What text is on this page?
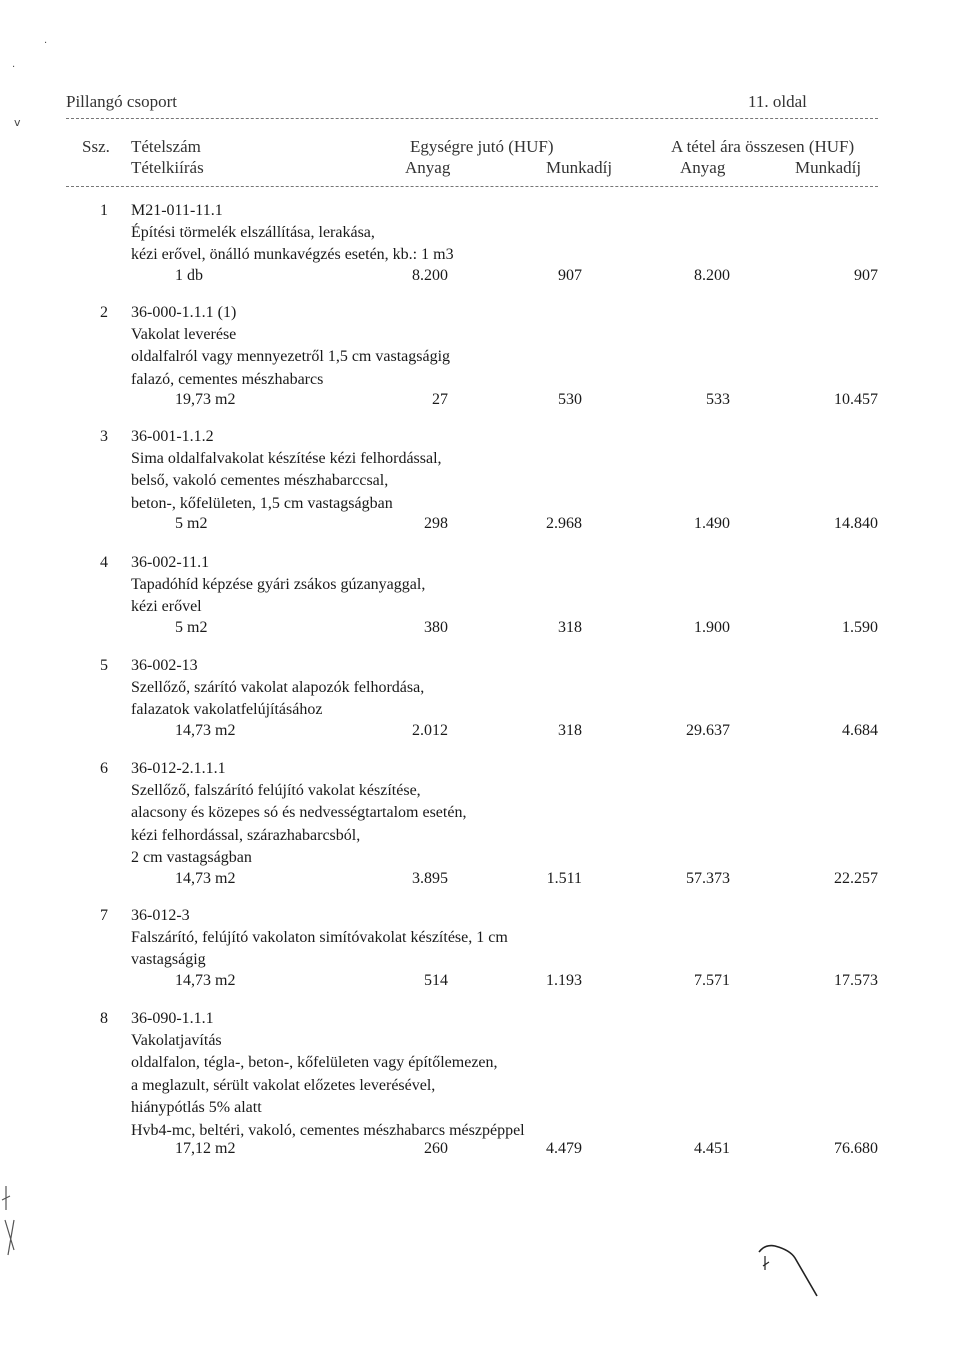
·
·
v
Pillangó csoport	11. oldal
Ssz. Tételszám
Tételkiírás
Egységre jutó (HUF)	A tétel ára összesen (HUF)
Anyag	Munkadíj	Anyag	Munkadíj
1 M21-011-11.1
Építési törmelék elszállítása, lerakása,
kézi erővel, önálló munkavégzés esetén, kb.: 1 m3
1 db	8.200	907	8.200	907
2 36-000-1.1.1 (1)
Vakolat leverése
oldalfalról vagy mennyezetről 1,5 cm vastagságig
falazó, cementes mészhabarcs
19,73 m2	27	530	533	10.457
3 36-001-1.1.2
Sima oldalfalvakolat készítése kézi felhordással,
belső, vakoló cementes mészhabarccsal,
beton-, kőfelületen, 1,5 cm vastagságban
5 m2	298	2.968	1.490	14.840
4 36-002-11.1
Tapadóhíd képzése gyári zsákos gúzanyaggal,
kézi erővel
5 m2	380	318	1.900	1.590
5 36-002-13
Szellőző, szárító vakolat alapozók felhordása,
falazatok vakolatfelújításához
14,73 m2	2.012	318	29.637	4.684
6 36-012-2.1.1.1
Szellőző, falszárító felújító vakolat készítése,
alacsony és közepes só és nedvességtartalom esetén,
kézi felhordással, szárazhabarcsból,
2 cm vastagságban
14,73 m2	3.895	1.511	57.373	22.257
7 36-012-3
Falszárító, felújító vakolaton simítóvakolat készítése, 1 cm
vastagságig
14,73 m2	514	1.193	7.571	17.573
8 36-090-1.1.1
Vakolatjavítás
oldalfalon, tégla-, beton-, kőfelületen vagy építőlemezen,
a meglazult, sérült vakolat előzetes leverésével,
hiánypótlás 5% alatt
Hvb4-mc, beltéri, vakoló, cementes mészhabarcs mészpéppel
17,12 m2	260	4.479	4.451	76.680
